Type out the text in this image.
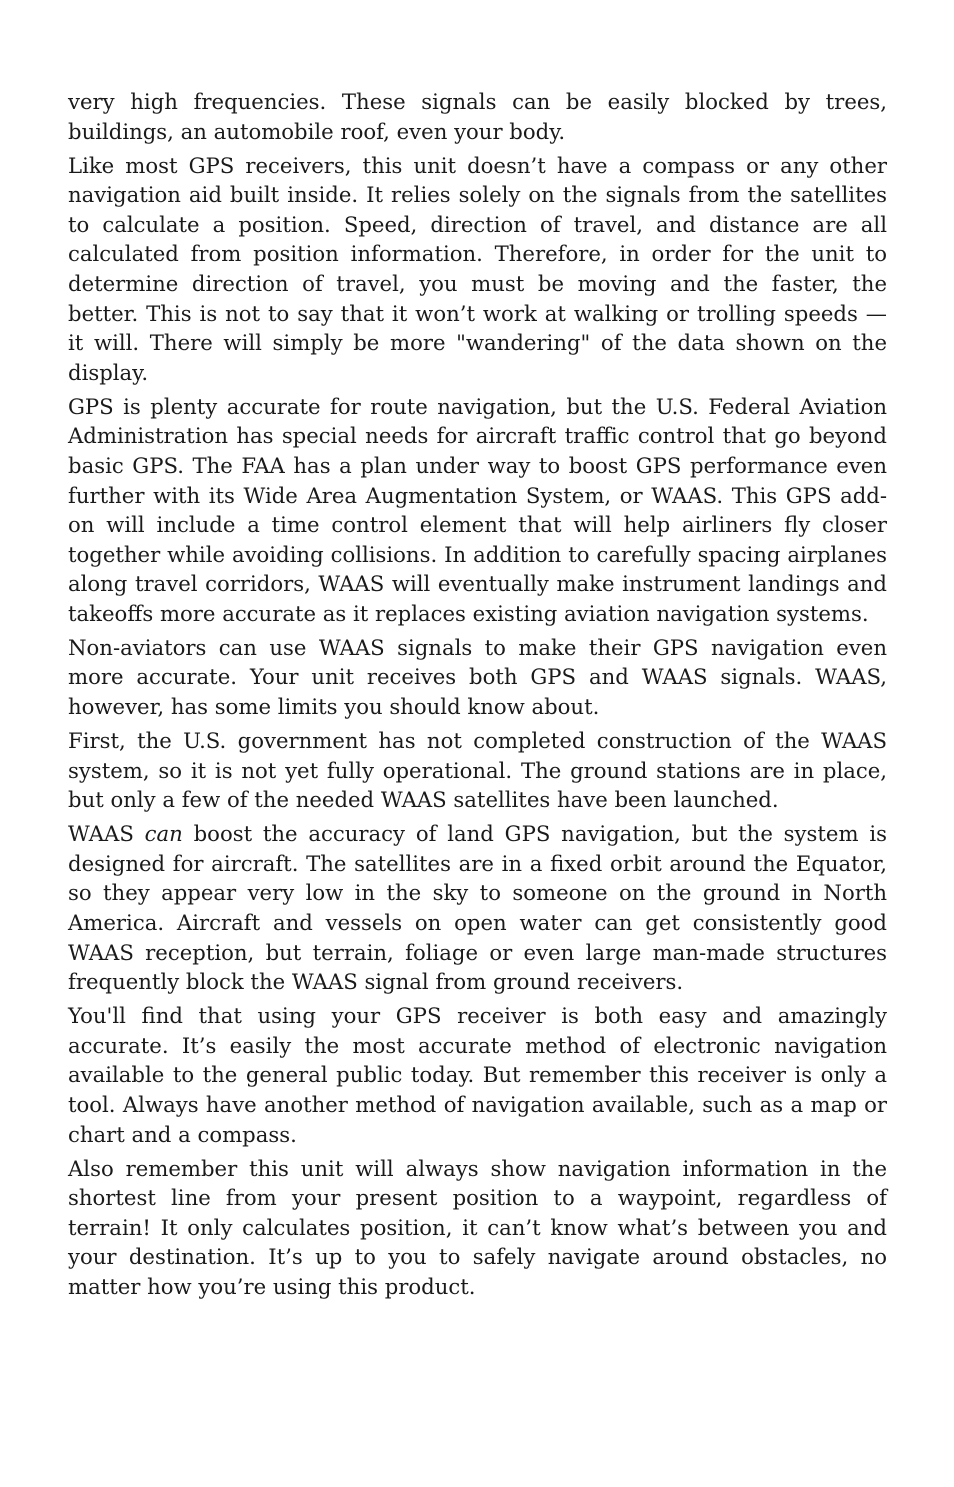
very high frequencies. These signals can be easily blocked by trees, buildings, an automobile roof, even your body.

Like most GPS receivers, this unit doesn’t have a compass or any other navigation aid built inside. It relies solely on the signals from the satellites to calculate a position. Speed, direction of travel, and distance are all calculated from position information. Therefore, in order for the unit to determine direction of travel, you must be moving and the faster, the better. This is not to say that it won’t work at walking or trolling speeds — it will. There will simply be more "wandering" of the data shown on the display.

GPS is plenty accurate for route navigation, but the U.S. Federal Aviation Administration has special needs for aircraft traffic control that go beyond basic GPS. The FAA has a plan under way to boost GPS performance even further with its Wide Area Augmentation System, or WAAS. This GPS add-on will include a time control element that will help airliners fly closer together while avoiding collisions. In addition to carefully spacing airplanes along travel corridors, WAAS will eventually make instrument landings and takeoffs more accurate as it replaces existing aviation navigation systems.

Non-aviators can use WAAS signals to make their GPS navigation even more accurate. Your unit receives both GPS and WAAS signals. WAAS, however, has some limits you should know about.

First, the U.S. government has not completed construction of the WAAS system, so it is not yet fully operational. The ground stations are in place, but only a few of the needed WAAS satellites have been launched.

WAAS can boost the accuracy of land GPS navigation, but the system is designed for aircraft. The satellites are in a fixed orbit around the Equator, so they appear very low in the sky to someone on the ground in North America. Aircraft and vessels on open water can get consistently good WAAS reception, but terrain, foliage or even large man-made structures frequently block the WAAS signal from ground receivers.

You'll find that using your GPS receiver is both easy and amazingly accurate. It’s easily the most accurate method of electronic navigation available to the general public today. But remember this receiver is only a tool. Always have another method of navigation available, such as a map or chart and a compass.

Also remember this unit will always show navigation information in the shortest line from your present position to a waypoint, regardless of terrain! It only calculates position, it can’t know what’s between you and your destination. It’s up to you to safely navigate around obstacles, no matter how you’re using this product.
